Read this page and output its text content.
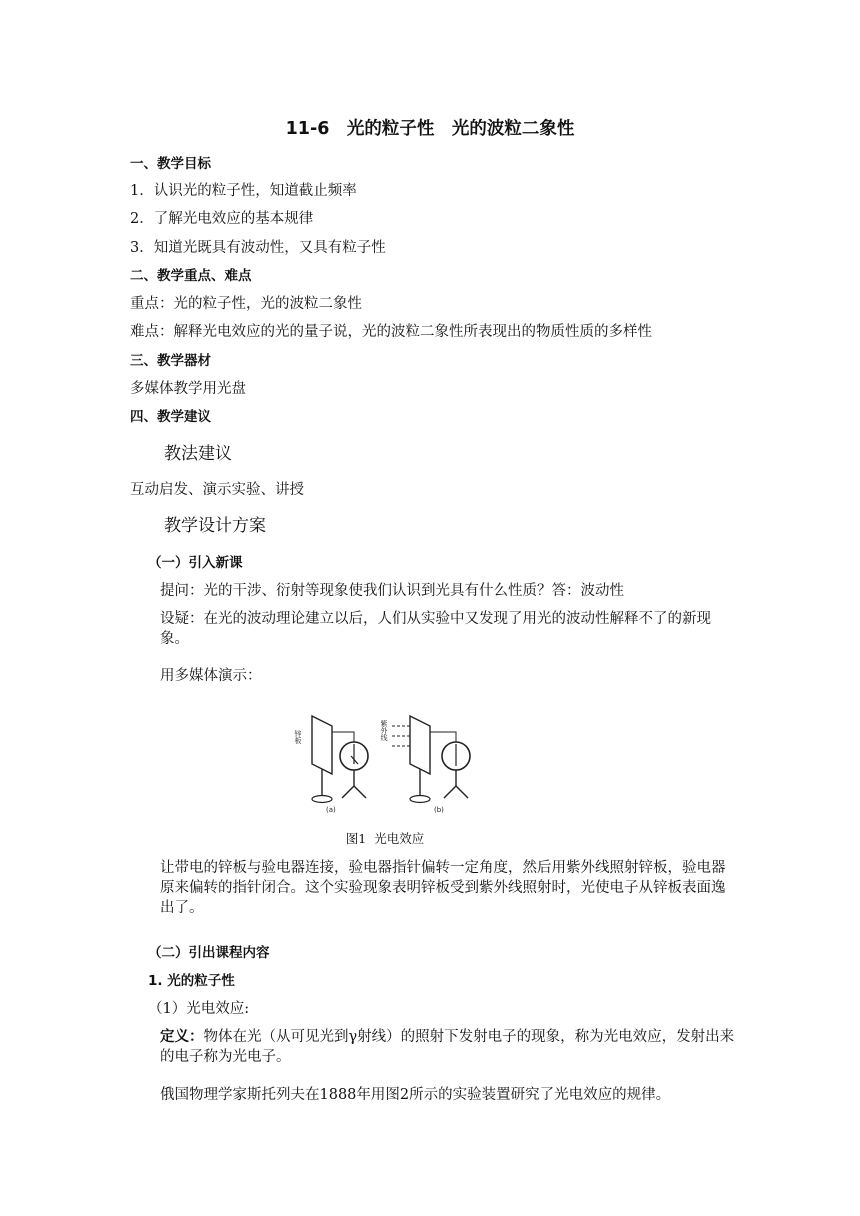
11-6　光的粒子性　光的波粒二象性
一、教学目标
1．认识光的粒子性，知道截止频率
2．了解光电效应的基本规律
3．知道光既具有波动性，又具有粒子性
二、教学重点、难点
重点：光的粒子性，光的波粒二象性
难点：解释光电效应的光的量子说，光的波粒二象性所表现出的物质性质的多样性
三、教学器材
多媒体教学用光盘
四、教学建议
教法建议
互动启发、演示实验、讲授
教学设计方案
（一）引入新课
提问：光的干涉、衍射等现象使我们认识到光具有什么性质？答：波动性
设疑：在光的波动理论建立以后，人们从实验中又发现了用光的波动性解释不了的新现象。
用多媒体演示：
锌板
(a)
紫外线
(b)
图1 光电效应
让带电的锌板与验电器连接，验电器指针偏转一定角度，然后用紫外线照射锌板，验电器原来偏转的指针闭合。这个实验现象表明锌板受到紫外线照射时，光使电子从锌板表面逸出了。
（二）引出课程内容
1. 光的粒子性
（1）光电效应:
定义：物体在光（从可见光到γ射线）的照射下发射电子的现象，称为光电效应，发射出来的电子称为光电子。
俄国物理学家斯托列夫在1888年用图2所示的实验装置研究了光电效应的规律。
